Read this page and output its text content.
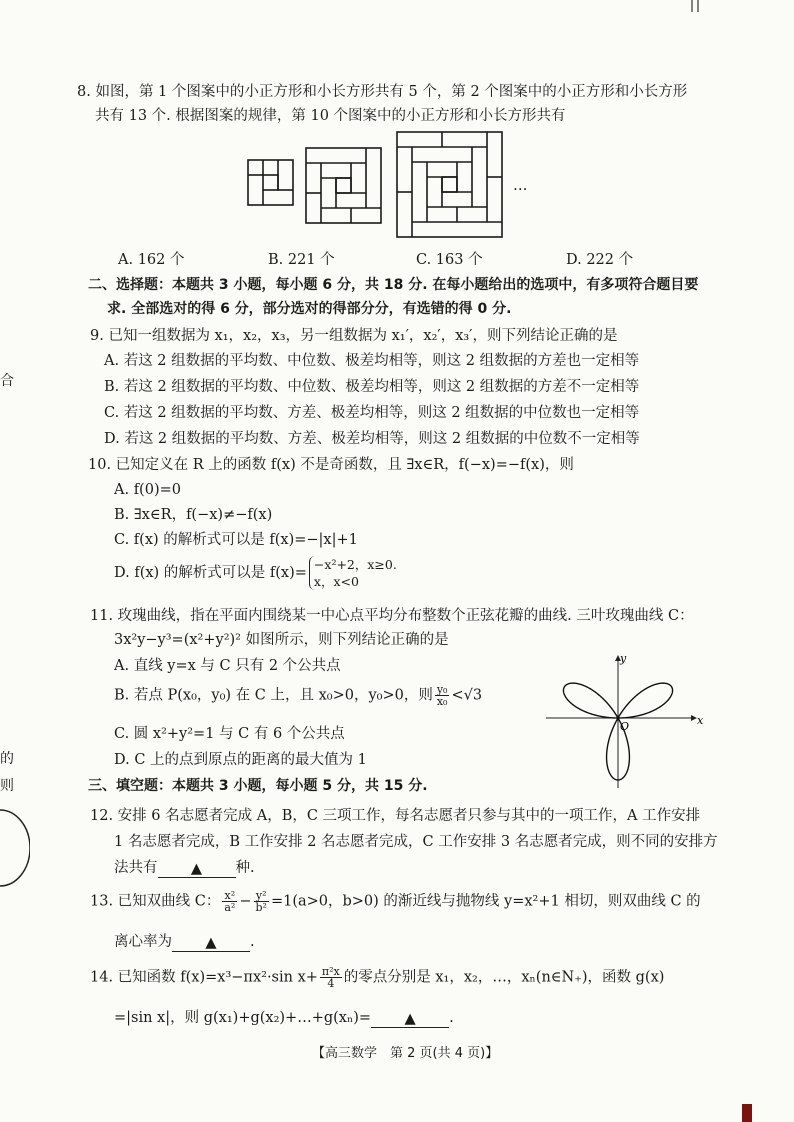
合
的
则
8. 如图，第 1 个图案中的小正方形和小长方形共有 5 个，第 2 个图案中的小正方形和小长方形
共有 13 个. 根据图案的规律，第 10 个图案中的小正方形和小长方形共有
…
A. 162 个	B. 221 个	C. 163 个	D. 222 个
二、选择题：本题共 3 小题，每小题 6 分，共 18 分. 在每小题给出的选项中，有多项符合题目要
求. 全部选对的得 6 分，部分选对的得部分分，有选错的得 0 分.
9. 已知一组数据为 x₁，x₂，x₃，另一组数据为 x₁′，x₂′，x₃′，则下列结论正确的是
A. 若这 2 组数据的平均数、中位数、极差均相等，则这 2 组数据的方差也一定相等
B. 若这 2 组数据的平均数、中位数、极差均相等，则这 2 组数据的方差不一定相等
C. 若这 2 组数据的平均数、方差、极差均相等，则这 2 组数据的中位数也一定相等
D. 若这 2 组数据的平均数、方差、极差均相等，则这 2 组数据的中位数不一定相等
10. 已知定义在 R 上的函数 f(x) 不是奇函数，且 ∃x∈R，f(−x)=−f(x)，则
A. f(0)=0
B. ∃x∈R，f(−x)≠−f(x)
C. f(x) 的解析式可以是 f(x)=−|x|+1
D. f(x) 的解析式可以是 f(x)=
−x²+2，x≥0.
x，x<0
11. 玫瑰曲线，指在平面内围绕某一中心点平均分布整数个正弦花瓣的曲线. 三叶玫瑰曲线 C：
3x²y−y³=(x²+y²)² 如图所示，则下列结论正确的是
A. 直线 y=x 与 C 只有 2 个公共点
B. 若点 P(x₀，y₀) 在 C 上，且 x₀>0，y₀>0，则 $\frac{\text{y₀}}{\text{x₀}} <√3$
C. 圆 x²+y²=1 与 C 有 6 个公共点
D. C 上的点到原点的距离的最大值为 1
y
x
O
三、填空题：本题共 3 小题，每小题 5 分，共 15 分.
12. 安排 6 名志愿者完成 A，B，C 三项工作，每名志愿者只参与其中的一项工作，A 工作安排
1 名志愿者完成，B 工作安排 2 名志愿者完成，C 工作安排 3 名志愿者完成，则不同的安排方
法共有 ▲ 种.
13. 已知双曲线 C： $\frac{\text{x²}}{\text{a²}} - \frac{\text{y²}}{\text{b²}} =1(a>0$，b>0) 的渐近线与抛物线 y=x²+1 相切，则双曲线 C 的
离心率为 ▲ .
14. 已知函数 f(x)=x³−πx²·sin $x+ \frac{\text{π²x}}{4}$ 的零点分别是 x₁，x₂，…，xₙ(n∈N₊)，函数 g(x)
=|sin x|，则 g(x₁)+g(x₂)+…+g(xₙ)= ▲ .
【高三数学　第 2 页(共 4 页)】
